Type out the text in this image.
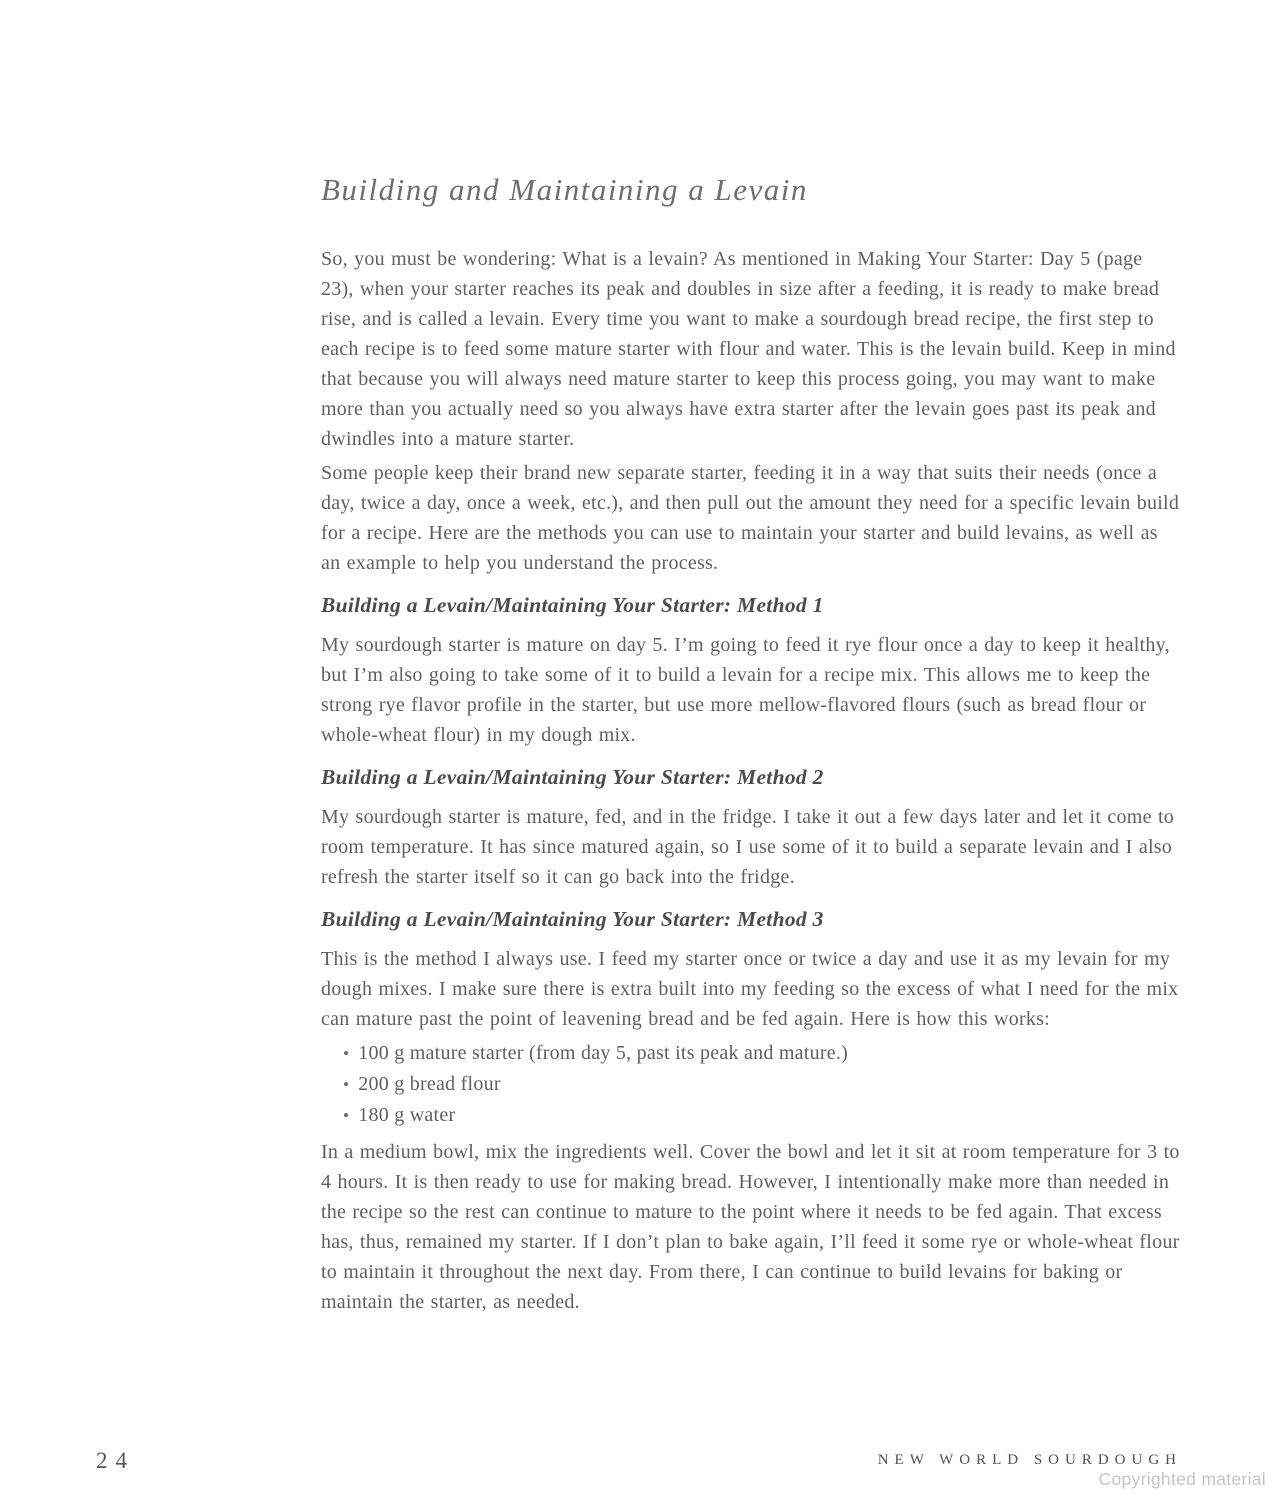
Building and Maintaining a Levain

So, you must be wondering: What is a levain? As mentioned in Making Your Starter: Day 5 (page 23), when your starter reaches its peak and doubles in size after a feeding, it is ready to make bread rise, and is called a levain. Every time you want to make a sourdough bread recipe, the first step to each recipe is to feed some mature starter with flour and water. This is the levain build. Keep in mind that because you will always need mature starter to keep this process going, you may want to make more than you actually need so you always have extra starter after the levain goes past its peak and dwindles into a mature starter.

Some people keep their brand new separate starter, feeding it in a way that suits their needs (once a day, twice a day, once a week, etc.), and then pull out the amount they need for a specific levain build for a recipe. Here are the methods you can use to maintain your starter and build levains, as well as an example to help you understand the process.

Building a Levain/Maintaining Your Starter: Method 1

My sourdough starter is mature on day 5. I’m going to feed it rye flour once a day to keep it healthy, but I’m also going to take some of it to build a levain for a recipe mix. This allows me to keep the strong rye flavor profile in the starter, but use more mellow-flavored flours (such as bread flour or whole-wheat flour) in my dough mix.

Building a Levain/Maintaining Your Starter: Method 2

My sourdough starter is mature, fed, and in the fridge. I take it out a few days later and let it come to room temperature. It has since matured again, so I use some of it to build a separate levain and I also refresh the starter itself so it can go back into the fridge.

Building a Levain/Maintaining Your Starter: Method 3

This is the method I always use. I feed my starter once or twice a day and use it as my levain for my dough mixes. I make sure there is extra built into my feeding so the excess of what I need for the mix can mature past the point of leavening bread and be fed again. Here is how this works:

• 100 g mature starter (from day 5, past its peak and mature.)
• 200 g bread flour
• 180 g water

In a medium bowl, mix the ingredients well. Cover the bowl and let it sit at room temperature for 3 to 4 hours. It is then ready to use for making bread. However, I intentionally make more than needed in the recipe so the rest can continue to mature to the point where it needs to be fed again. That excess has, thus, remained my starter. If I don’t plan to bake again, I’ll feed it some rye or whole-wheat flour to maintain it throughout the next day. From there, I can continue to build levains for baking or maintain the starter, as needed.

24	NEW WORLD SOURDOUGH
Copyrighted material
